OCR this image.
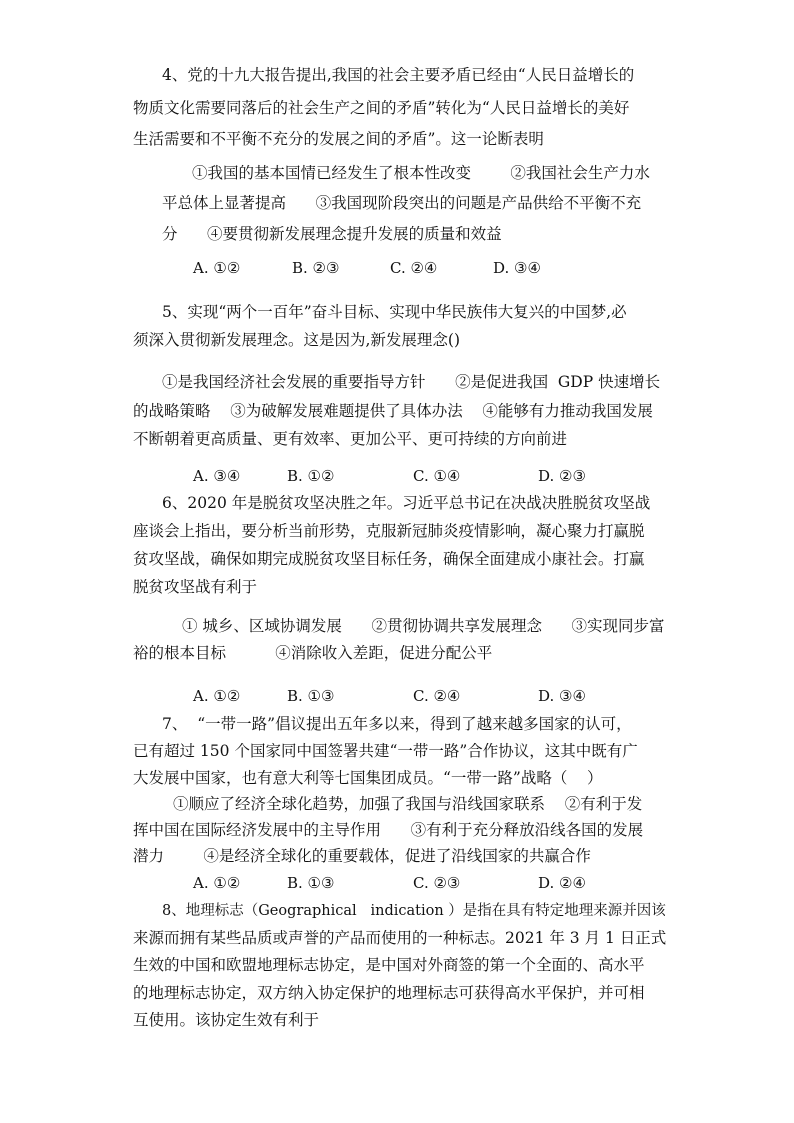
4、党的十九大报告提出,我国的社会主要矛盾已经由“人民日益增长的
物质文化需要同落后的社会生产之间的矛盾”转化为“人民日益增长的美好
生活需要和不平衡不充分的发展之间的矛盾”。这一论断表明
①我国的基本国情已经发生了根本性改变        ②我国社会生产力水
平总体上显著提高      ③我国现阶段突出的问题是产品供给不平衡不充
分      ④要贯彻新发展理念提升发展的质量和效益

A. ①②

	B. ②③

	C. ②④

	D. ③④

5、实现“两个一百年”奋斗目标、实现中华民族伟大复兴的中国梦,必
须深入贯彻新发展理念。这是因为,新发展理念()
①是我国经济社会发展的重要指导方针      ②是促进我国  GDP 快速增长
的战略策略    ③为破解发展难题提供了具体办法    ④能够有力推动我国发展
不断朝着更高质量、更有效率、更加公平、更可持续的方向前进

A. ③④

	B. ①②

	C. ①④

	D. ②③

6、2020 年是脱贫攻坚决胜之年。习近平总书记在决战决胜脱贫攻坚战
座谈会上指出，要分析当前形势，克服新冠肺炎疫情影响，凝心聚力打赢脱
贫攻坚战，确保如期完成脱贫攻坚目标任务，确保全面建成小康社会。打赢
脱贫攻坚战有利于
① 城乡、区域协调发展      ②贯彻协调共享发展理念      ③实现同步富
裕的根本目标          ④消除收入差距，促进分配公平

A. ①②

	B. ①③

	C. ②④

	D. ③④

7、  “一带一路”倡议提出五年多以来，得到了越来越多国家的认可，
已有超过 150 个国家同中国签署共建“一带一路”合作协议，这其中既有广
大发展中国家，也有意大利等七国集团成员。“一带一路”战略（    ）
①顺应了经济全球化趋势，加强了我国与沿线国家联系    ②有利于发
挥中国在国际经济发展中的主导作用      ③有利于充分释放沿线各国的发展
潜力        ④是经济全球化的重要载体，促进了沿线国家的共赢合作

A. ①②

	B. ①③

	C. ②③

	D. ②④

8、地理标志（Geographical   indication ）是指在具有特定地理来源并因该
来源而拥有某些品质或声誉的产品而使用的一种标志。2021 年 3 月 1 日正式
生效的中国和欧盟地理标志协定，是中国对外商签的第一个全面的、高水平
的地理标志协定，双方纳入协定保护的地理标志可获得高水平保护，并可相
互使用。该协定生效有利于
